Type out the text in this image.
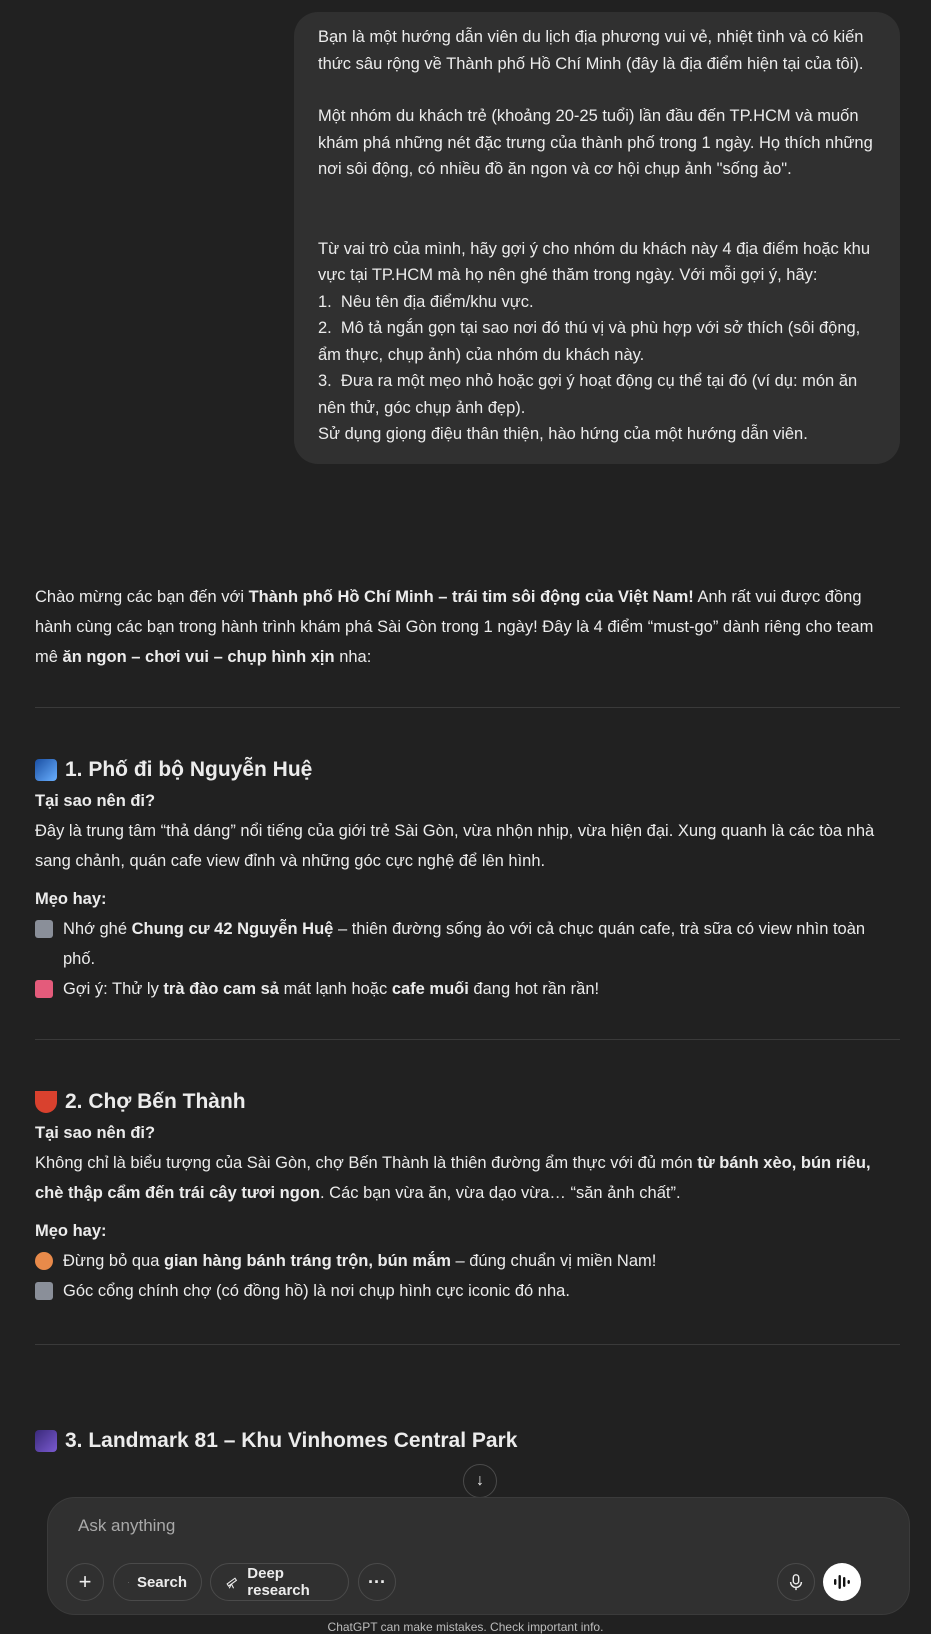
Bạn là một hướng dẫn viên du lịch địa phương vui vẻ, nhiệt tình và có kiến thức sâu rộng về Thành phố Hồ Chí Minh (đây là địa điểm hiện tại của tôi).

Một nhóm du khách trẻ (khoảng 20-25 tuổi) lần đầu đến TP.HCM và muốn khám phá những nét đặc trưng của thành phố trong 1 ngày. Họ thích những nơi sôi động, có nhiều đồ ăn ngon và cơ hội chụp ảnh "sống ảo".

Từ vai trò của mình, hãy gợi ý cho nhóm du khách này 4 địa điểm hoặc khu vực tại TP.HCM mà họ nên ghé thăm trong ngày. Với mỗi gợi ý, hãy:
1.  Nêu tên địa điểm/khu vực.
2.  Mô tả ngắn gọn tại sao nơi đó thú vị và phù hợp với sở thích (sôi động, ẩm thực, chụp ảnh) của nhóm du khách này.
3.  Đưa ra một mẹo nhỏ hoặc gợi ý hoạt động cụ thể tại đó (ví dụ: món ăn nên thử, góc chụp ảnh đẹp).
Sử dụng giọng điệu thân thiện, hào hứng của một hướng dẫn viên.

Chào mừng các bạn đến với Thành phố Hồ Chí Minh – trái tim sôi động của Việt Nam! Anh rất vui được đồng hành cùng các bạn trong hành trình khám phá Sài Gòn trong 1 ngày! Đây là 4 điểm “must-go” dành riêng cho team mê ăn ngon – chơi vui – chụp hình xịn nha:

1. Phố đi bộ Nguyễn Huệ

Tại sao nên đi?

Đây là trung tâm “thả dáng” nổi tiếng của giới trẻ Sài Gòn, vừa nhộn nhịp, vừa hiện đại. Xung quanh là các tòa nhà sang chảnh, quán cafe view đỉnh và những góc cực nghệ để lên hình.

Mẹo hay:

Nhớ ghé Chung cư 42 Nguyễn Huệ – thiên đường sống ảo với cả chục quán cafe, trà sữa có view nhìn toàn phố.

Gợi ý: Thử ly trà đào cam sả mát lạnh hoặc cafe muối đang hot rần rần!

2. Chợ Bến Thành

Tại sao nên đi?

Không chỉ là biểu tượng của Sài Gòn, chợ Bến Thành là thiên đường ẩm thực với đủ món từ bánh xèo, bún riêu, chè thập cẩm đến trái cây tươi ngon. Các bạn vừa ăn, vừa dạo vừa… “săn ảnh chất”.

Mẹo hay:

Đừng bỏ qua gian hàng bánh tráng trộn, bún mắm – đúng chuẩn vị miền Nam!

Góc cổng chính chợ (có đồng hồ) là nơi chụp hình cực iconic đó nha.

3. Landmark 81 – Khu Vinhomes Central Park
↓
Ask anything
+	Search	Deep research	···
ChatGPT can make mistakes. Check important info.
